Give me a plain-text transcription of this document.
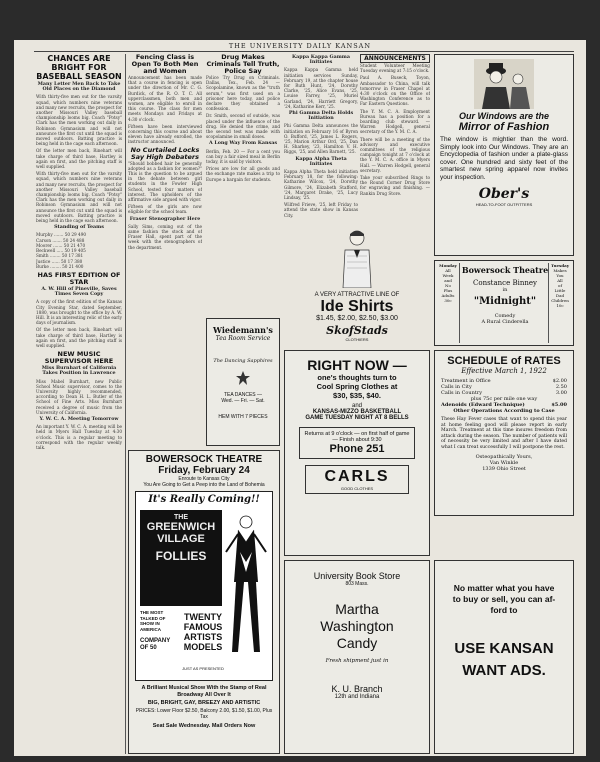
THE UNIVERSITY DAILY KANSAN
CHANCES ARE BRIGHT FOR BASEBALL SEASON
Many Letter Men Back to Take Old Places on the Diamond

With thirty-five men out for the varsity squad, which numbers nine veterans and many new recruits, the prospect for another Missouri Valley baseball championship looms big. Coach "Potsy" Clark has the men working out daily in Robinson Gymnasium and will not announce the first cut until the squad is moved outdoors. Batting practice is being held in the cage each afternoon.

Of the letter men back, Rinehart will take charge of third base, Hartley is again on first, and the pitching staff is well supplied.

With thirty-five men out for the varsity squad, which numbers nine veterans and many new recruits, the prospect for another Missouri Valley baseball championship looms big. Coach "Potsy" Clark has the men working out daily in Robinson Gymnasium and will not announce the first cut until the squad is moved outdoors. Batting practice is being held in the cage each afternoon.

Standing of Teams
Murphy ....... 50 29 490
Carson ....... 50 24 488
Moorer ....... 50 21 470
Beckwell ..... 50 19 405
Smith ........ 50 17 381
Justice ...... 50 17 380
Burke ........ 50 21 400
HAS FIRST EDITION OF STAR
A. W. Hill of Pineville, Saves Times Seven Copy

A copy of the first edition of the Kansas City Evening Star, dated September, 1880, was brought to the office by A. W. Hill. It is an interesting relic of the early days of journalism.

Of the letter men back, Rinehart will take charge of third base, Hartley is again on first, and the pitching staff is well supplied.

NEW MUSIC SUPERVISOR HERE
Miss Burnhart of California Takes Position in Lawrence

Miss Mabel Burnhart, new Public School Music supervisor, comes to the University highly recommended, according to Dean H. L. Butler of the School of Fine Arts. Miss Burnhart received a degree of music from the University of California.

Y. W. C. A. Meeting Tomorrow

An important Y. W. C. A. meeting will be held in Myers Hall Tuesday at 4:30 o'clock. This is a regular meeting to correspond with the regular weekly talk.

Fencing Class is Open To Both Men and Women

Announcement has been made that a course in fencing is open under the direction of Mr. C. G. Burdick, of the R. O. T. C. All upperclassmen, both men and women, are eligible to enroll in this course. The class for men meets Mondays and Fridays at 4:30 o'clock.

Fifteen have been interviewed concerning this course and about eleven have already enrolled, the instructor announced.

No Curtailed Locks Say High Debaters

"Should bobbed hair be generally adopted as a fashion for women?" This is the question to be argued in the debate between girl students in the Fowler High School, tested four matters of interest. The upholders of the affirmative side argued with vigor.

Fifteen of the girls are now eligible for the school team.

Fraser Stenographer Here

Sally Sims, coming out of the same fashion the stock and of Fraser Hall, spent part of the week with the stenographers of the department.

Drug Makes Criminals Tell Truth, Police Say

Police Try Drug on Criminals. Dallas, Tex., Feb. 24 — Scopolamine, known as the "truth serum," was first used on a prisoner here today, and police declare they obtained a confession.

Dr. Smith, second of outside, was placed under the influence of the drug. He denied the crime, and the second test was made with scopolamine in small doses.

A Long Way From Kansas

Berlin, Feb. 20 — For a cent you can buy a fair sized meal in Berlin today, it is said by visitors.

Prices are low for all goods and the exchange rate makes a trip to Europe a bargain for students.

Kappa Kappa Gamma Initiates

Kappa Kappa Gamma held initiation services Sunday, February 19, at the chapter house for Ruth Hunt, '24, Dorothy Clarke, '25, Alice Evans, '25, Louise Farrey, '25, Muriel Garland, '24, Harriett Gregory, '24, Katharine Kerr, '25.

Phi Gamma Delta Holds Initiation

Phi Gamma Delta announces the initiation on February 16 of Byron O. Bufford, '25, James L. Rogers, '25, Marion Arthur Ord, '25, Dan H. Sharkey, '23, Hamilton V. H. Riggs, '25, and Allen Barnett, '25.

Kappa Alpha Theta Initiates

Kappa Alpha Theta held initiation February 18, for the following: Katharine Wilcox, '24, Dorothy Gilmore, '24, Elizabeth Stafford, '24, Margaret Drake, '25, Lucy Lindsay, '25.

Wilfred Frieve, '25, left Friday to attend the state show in Kansas City.

ANNOUNCEMENTS

Student Volunteer Meeting Tuesday evening at 7:15 o'clock.

Paul A. Buseck, Toyon, Ambassador to China, will talk tomorrow in Fraser Chapel at 4:30 o'clock on the Office of Washington Conference as to Far Eastern Questions.

The Y. M. C. A. Employment Bureau has a position for a boarding club steward. — Warren Hodgell, general secretary of the Y. M. C. A.

There will be a meeting of the advisory and executive committees of the religious campaign tonight at 7 o'clock at the Y. M. C. A. office in Myers Hall. — Warren Hodgell, general secretary.

Take your subscribed Rings to the Round Corner Drug Store for engraving and finishing. — Rankin Drug Store.

Our Windows are the
Mirror of Fashion
The window is mightier than the word. Simply look into Our Windows. They are an Encyclopedia of fashion under a plate-glass cover. One hundred and sixty feet of the smartest new spring apparel now invites your inspection.
Ober's
HEAD-TO-FOOT OUTFITTERS
Monday
All
Week
and
No
Plus
Adults
30c
Bowersock Theatre
Constance Binney
in
"Midnight"
Comedy
A Rural Cinderella
Tuesday
Makes
You
All
of
Little
Dad
Children
10c
A VERY ATTRACTIVE LINE OF
Ide Shirts
$1.45, $2.00, $2.50, $3.00
SkofStads
CLOTHIERS
Wiedemann's
Tea Room Service
The Dancing Sapphires
TEA DANCES —
Wed. — Fri. — Sat.
HEM WITH 7 PIECES
RIGHT NOW —
one's thoughts turn to
Cool Spring Clothes at
$30, $35, $40.
and
KANSAS-MIZZO BASKETBALL
GAME TUESDAY NIGHT AT 8 BELLS
Returns at 9 o'clock — on first half of game
— Finish about 9:30
Phone 251
CARLS
GOOD CLOTHES
SCHEDULE of RATES
Effective March 1, 1922
Treatment in Office	$2.00
Calls in City	2.50
Calls in Country	3.00
plus 75c per mile one way
Adenoids (Edward Technique)	$5.00
Other Operations According to Case
These Hay Fever cases that want to spend this year at home feeling good will please report in early March. Treatment at this time insures freedom from attack during the season. The number of patients will of necessity be very limited and after I have dated what I can treat successfully I will postpone the rest.
Osteopathically Yours,
Van Winkle
1339 Ohio Street
BOWERSOCK THEATRE
Friday, February 24
Enroute to Kansas City
You Are Going to Get a Peep into the Land of Bohemia
It's Really Coming!!
THE
GREENWICH VILLAGE
FOLLIES
THE MOST TALKED OF SHOW IN AMERICA
COMPANY OF 50
TWENTY FAMOUS ARTISTS MODELS
JUST AS PRESENTED
A Brilliant Musical Show With the Stamp of Real Broadway All Over It
BIG, BRIGHT, GAY, BREEZY AND ARTISTIC
PRICES: Lower Floor $2.50, Balcony 2.00, $1.50, $1.00, Plus Tax
Seat Sale Wednesday. Mail Orders Now
University Book Store
803 Mass.
Martha
Washington
Candy
Fresh shipment just in
K. U. Branch
12th and Indiana
No matter what you have
to buy or sell, you can af-
ford to
USE KANSAN
WANT ADS.
